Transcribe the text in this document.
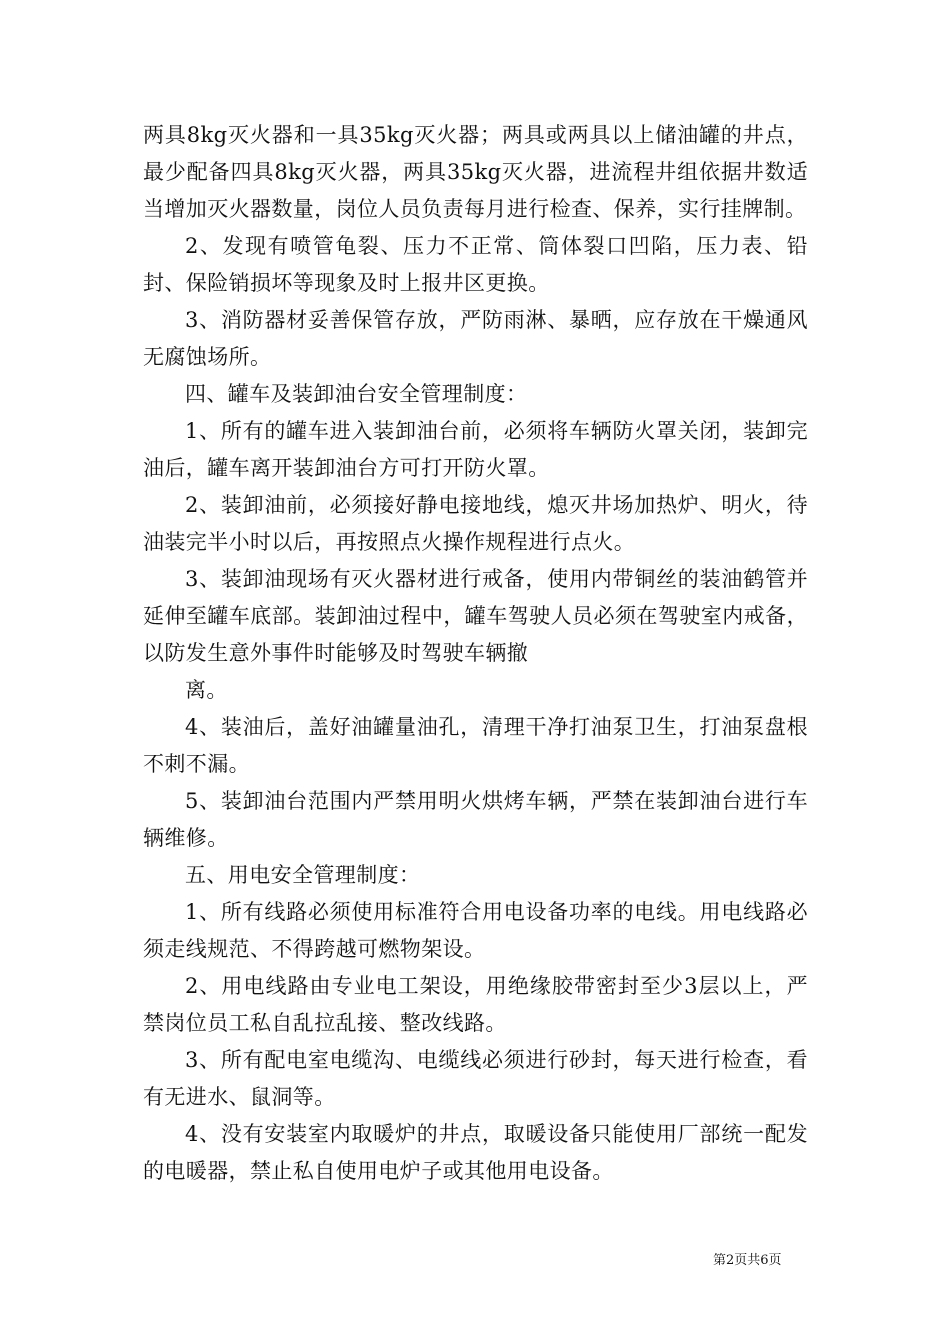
两具8kg灭火器和一具35kg灭火器；两具或两具以上储油罐的井点，最少配备四具8kg灭火器，两具35kg灭火器，进流程井组依据井数适当增加灭火器数量，岗位人员负责每月进行检查、保养，实行挂牌制。

2、发现有喷管龟裂、压力不正常、筒体裂口凹陷，压力表、铅封、保险销损坏等现象及时上报井区更换。

3、消防器材妥善保管存放，严防雨淋、暴晒，应存放在干燥通风无腐蚀场所。

四、罐车及装卸油台安全管理制度：

1、所有的罐车进入装卸油台前，必须将车辆防火罩关闭，装卸完油后，罐车离开装卸油台方可打开防火罩。

2、装卸油前，必须接好静电接地线，熄灭井场加热炉、明火，待油装完半小时以后，再按照点火操作规程进行点火。

3、装卸油现场有灭火器材进行戒备，使用内带铜丝的装油鹤管并延伸至罐车底部。装卸油过程中，罐车驾驶人员必须在驾驶室内戒备，以防发生意外事件时能够及时驾驶车辆撤

离。

4、装油后，盖好油罐量油孔，清理干净打油泵卫生，打油泵盘根不刺不漏。

5、装卸油台范围内严禁用明火烘烤车辆，严禁在装卸油台进行车辆维修。

五、用电安全管理制度：

1、所有线路必须使用标准符合用电设备功率的电线。用电线路必须走线规范、不得跨越可燃物架设。

2、用电线路由专业电工架设，用绝缘胶带密封至少3层以上，严禁岗位员工私自乱拉乱接、整改线路。

3、所有配电室电缆沟、电缆线必须进行砂封，每天进行检查，看有无进水、鼠洞等。

4、没有安装室内取暖炉的井点，取暖设备只能使用厂部统一配发的电暖器，禁止私自使用电炉子或其他用电设备。

第2页共6页
